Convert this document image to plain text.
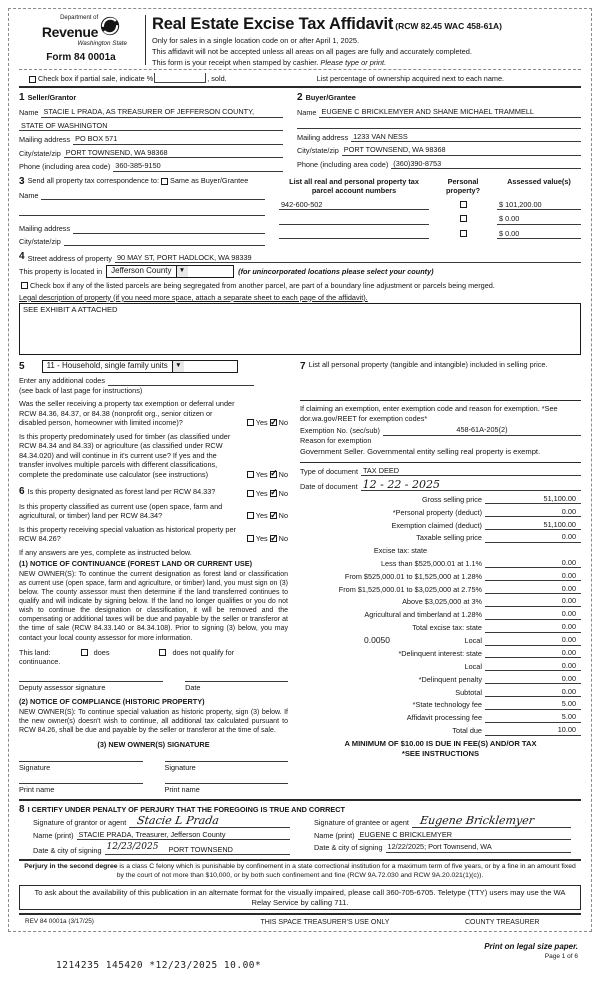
Department of
Revenue
Washington State
Form 84 0001a
Real Estate Excise Tax Affidavit (RCW 82.45 WAC 458-61A)
Only for sales in a single location code on or after April 1, 2025.
This affidavit will not be accepted unless all areas on all pages are fully and accurately completed.
This form is your receipt when stamped by cashier. Please type or print.
Check box if partial sale, indicate %	, sold.	List percentage of ownership acquired next to each name.
1 Seller/Grantor
Name STACIE L PRADA, AS TREASURER OF JEFFERSON COUNTY,
STATE OF WASHINGTON
Mailing address PO BOX 571
City/state/zip PORT TOWNSEND, WA 98368
Phone (including area code) 360-385-9150
2 Buyer/Grantee
Name EUGENE C BRICKLEMYER AND SHANE MICHAEL TRAMMELL
Mailing address 1233 VAN NESS
City/state/zip PORT TOWNSEND, WA 98368
Phone (including area code) (360)390-8753
3 Send all property tax correspondence to: Same as Buyer/Grantee
Name
Mailing address
City/state/zip
List all real and personal property tax parcel account numbers
Personal property?
Assessed value(s)
942-600-502	$ 101,200.00
$ 0.00
$ 0.00
4 Street address of property 90 MAY ST, PORT HADLOCK, WA 98339
This property is located in	Jefferson County	▼	(for unincorporated locations please select your county)
Check box if any of the listed parcels are being segregated from another parcel, are part of a boundary line adjustment or parcels being merged.
Legal description of property (if you need more space, attach a separate sheet to each page of the affidavit).
SEE EXHIBIT A ATTACHED
5	11 - Household, single family units	▼
Enter any additional codes
(see back of last page for instructions)
Was the seller receiving a property tax exemption or deferral under RCW 84.36, 84.37, or 84.38 (nonprofit org., senior citizen or disabled person, homeowner with limited income)?	Yes ✓ No
Is this property predominately used for timber (as classified under RCW 84.34 and 84.33) or agriculture (as classified under RCW 84.34.020) and will continue in it's current use? If yes and the transfer involves multiple parcels with different classifications, complete the predominate use calculator (see instructions)	Yes ✓ No
6 Is this property designated as forest land per RCW 84.33?	Yes ✓ No
Is this property classified as current use (open space, farm and agricultural, or timber) land per RCW 84.34?	Yes ✓ No
Is this property receiving special valuation as historical property per RCW 84.26?	Yes ✓ No
If any answers are yes, complete as instructed below.
(1) NOTICE OF CONTINUANCE (FOREST LAND OR CURRENT USE)
NEW OWNER(S): To continue the current designation as forest land or classification as current use (open space, farm and agriculture, or timber) land, you must sign on (3) below. The county assessor must then determine if the land transferred continues to qualify and will indicate by signing below. If the land no longer qualifies or you do not wish to continue the designation or classification, it will be removed and the compensating or additional taxes will be due and payable by the seller or transferor at the time of sale (RCW 84.33.140 or 84.34.108). Prior to signing (3) below, you may contact your local county assessor for more information.
This land:	does	does not qualify for
continuance.
Deputy assessor signature	Date
(2) NOTICE OF COMPLIANCE (HISTORIC PROPERTY)
NEW OWNER(S): To continue special valuation as historic property, sign (3) below. If the new owner(s) doesn't wish to continue, all additional tax calculated pursuant to RCW 84.26, shall be due and payable by the seller or transferor at the time of sale.
(3) NEW OWNER(S) SIGNATURE
Signature	Signature
Print name	Print name
7 List all personal property (tangible and intangible) included in selling price.
If claiming an exemption, enter exemption code and reason for exemption. *See dor.wa.gov/REET for exemption codes*
Exemption No. (sec/sub)	458-61A-205(2)
Reason for exemption
Government Seller. Governmental entity selling real property is exempt.
Type of document TAX DEED
Date of document 12 - 22 - 2025
Gross selling price	51,100.00
*Personal property (deduct)	0.00
Exemption claimed (deduct)	51,100.00
Taxable selling price	0.00
Excise tax: state
Less than $525,000.01 at 1.1%	0.00
From $525,000.01 to $1,525,000 at 1.28%	0.00
From $1,525,000.01 to $3,025,000 at 2.75%	0.00
Above $3,025,000 at 3%	0.00
Agricultural and timberland at 1.28%	0.00
Total excise tax: state	0.00
0.0050	Local	0.00
*Delinquent interest: state	0.00
Local	0.00
*Delinquent penalty	0.00
Subtotal	0.00
*State technology fee	5.00
Affidavit processing fee	5.00
Total due	10.00
A MINIMUM OF $10.00 IS DUE IN FEE(S) AND/OR TAX
*SEE INSTRUCTIONS
8 I CERTIFY UNDER PENALTY OF PERJURY THAT THE FOREGOING IS TRUE AND CORRECT
Signature of grantor or agent Stacie L Prada
Name (print) STACIE PRADA, Treasurer, Jefferson County
Date & city of signing 12/23/2025	PORT TOWNSEND
Signature of grantee or agent Eugene Bricklemyer
Name (print) EUGENE C BRICKLEMYER
Date & city of signing 12/22/2025; Port Townsend, WA
Perjury in the second degree is a class C felony which is punishable by confinement in a state correctional institution for a maximum term of five years, or by a fine in an amount fixed by the court of not more than $10,000, or by both such confinement and fine (RCW 9A.72.030 and RCW 9A.20.021(1)(c)).
To ask about the availability of this publication in an alternate format for the visually impaired, please call 360-705-6705. Teletype (TTY) users may use the WA Relay Service by calling 711.
REV 84 0001a (3/17/25)	THIS SPACE TREASURER'S USE ONLY	COUNTY TREASURER
1214235 145420 *12/23/2025 10.00*
Print on legal size paper.
Page 1 of 6
